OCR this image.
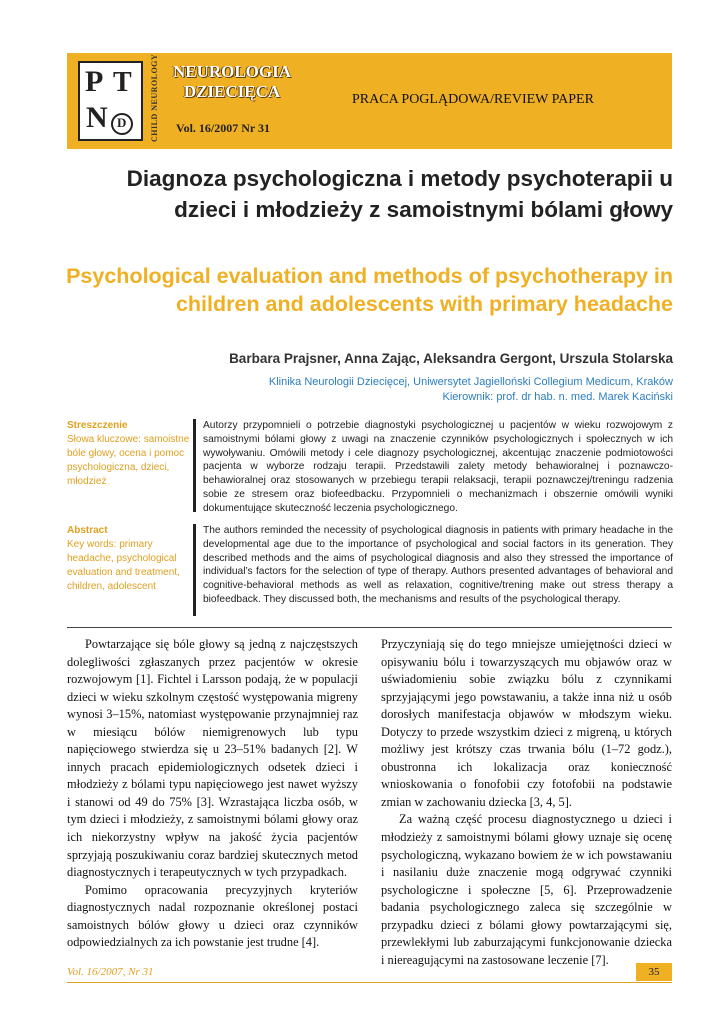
P T
N D	CHILD NEUROLOGY NEUROLOGIA DZIECIĘCA
Vol. 16/2007 Nr 31
PRACA POGLĄDOWA/REVIEW PAPER
Diagnoza psychologiczna i metody psychoterapii u dzieci i młodzieży z samoistnymi bólami głowy
Psychological evaluation and methods of psychotherapy in children and adolescents with primary headache
Barbara Prajsner, Anna Zając, Aleksandra Gergont, Urszula Stolarska
Klinika Neurologii Dziecięcej, Uniwersytet Jagielloński Collegium Medicum, Kraków
Kierownik: prof. dr hab. n. med. Marek Kaciński
Streszczenie
Słowa kluczowe: samoistne bóle głowy, ocena i pomoc psychologiczna, dzieci, młodzież
Autorzy przypomnieli o potrzebie diagnostyki psychologicznej u pacjentów w wieku rozwojowym z samoistnymi bólami głowy z uwagi na znaczenie czynników psychologicznych i społecznych w ich wywoływaniu. Omówili metody i cele diagnozy psychologicznej, akcentując znaczenie podmiotowości pacjenta w wyborze rodzaju terapii. Przedstawili zalety metody behawioralnej i poznawczo-behawioralnej oraz stosowanych w przebiegu terapii relaksacji, terapii poznawczej/treningu radzenia sobie ze stresem oraz biofeedbacku. Przypomnieli o mechanizmach i obszernie omówili wyniki dokumentujące skuteczność leczenia psychologicznego.
Abstract
Key words: primary headache, psychological evaluation and treatment, children, adolescent
The authors reminded the necessity of psychological diagnosis in patients with primary headache in the developmental age due to the importance of psychological and social factors in its generation. They described methods and the aims of psychological diagnosis and also they stressed the importance of individual’s factors for the selection of type of therapy. Authors presented advantages of behavioral and cognitive-behavioral methods as well as relaxation, cognitive/trening make out stress therapy a biofeedback. They discussed both, the mechanisms and results of the psychological therapy.

Powtarzające się bóle głowy są jedną z najczęstszych dolegliwości zgłaszanych przez pacjentów w okresie rozwojowym [1]. Fichtel i Larsson podają, że w populacji dzieci w wieku szkolnym częstość występowania migreny wynosi 3–15%, natomiast występowanie przynajmniej raz w miesiącu bólów niemigrenowych lub typu napięciowego stwierdza się u 23–51% badanych [2]. W innych pracach epidemiologicznych odsetek dzieci i młodzieży z bólami typu napięciowego jest nawet wyższy i stanowi od 49 do 75% [3]. Wzrastająca liczba osób, w tym dzieci i młodzieży, z samoistnymi bólami głowy oraz ich niekorzystny wpływ na jakość życia pacjentów sprzyjają poszukiwaniu coraz bardziej skutecznych metod diagnostycznych i terapeutycznych w tych przypadkach.

Pomimo opracowania precyzyjnych kryteriów diagnostycznych nadal rozpoznanie określonej postaci samoistnych bólów głowy u dzieci oraz czynników odpowiedzialnych za ich powstanie jest trudne [4].

Przyczyniają się do tego mniejsze umiejętności dzieci w opisywaniu bólu i towarzyszących mu objawów oraz w uświadomieniu sobie związku bólu z czynnikami sprzyjającymi jego powstawaniu, a także inna niż u osób dorosłych manifestacja objawów w młodszym wieku. Dotyczy to przede wszystkim dzieci z migreną, u których możliwy jest krótszy czas trwania bólu (1–72 godz.), obustronna ich lokalizacja oraz konieczność wnioskowania o fonofobii czy fotofobii na podstawie zmian w zachowaniu dziecka [3, 4, 5].

Za ważną część procesu diagnostycznego u dzieci i młodzieży z samoistnymi bólami głowy uznaje się ocenę psychologiczną, wykazano bowiem że w ich powstawaniu i nasilaniu duże znaczenie mogą odgrywać czynniki psychologiczne i społeczne [5, 6]. Przeprowadzenie badania psychologicznego zaleca się szczególnie w przypadku dzieci z bólami głowy powtarzającymi się, przewlekłymi lub zaburzającymi funkcjonowanie dziecka i niereagującymi na zastosowane leczenie [7].

Vol. 16/2007, Nr 31	35
